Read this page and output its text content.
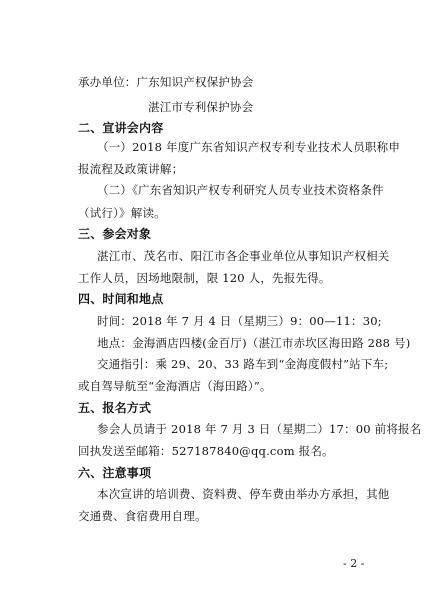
承办单位：广东知识产权保护协会

湛江市专利保护协会

二、宣讲会内容

（一）2018 年度广东省知识产权专利专业技术人员职称申

报流程及政策讲解；

（二）《广东省知识产权专利研究人员专业技术资格条件

（试行）》解读。

三、参会对象

湛江市、茂名市、阳江市各企事业单位从事知识产权相关

工作人员，因场地限制，限 120 人，先报先得。

四、时间和地点

时间：2018 年 7 月 4 日（星期三）9：00—11：30;

地点：金海酒店四楼(金百厅)（湛江市赤坎区海田路 288 号)

交通指引：乘 29、20、33 路车到“金海度假村”站下车;

或自驾导航至“金海酒店（海田路）”。

五、报名方式

参会人员请于 2018 年 7 月 3 日（星期二）17：00 前将报名

回执发送至邮箱：527187840@qq.com 报名。

六、注意事项

本次宣讲的培训费、资料费、停车费由举办方承担，其他

交通费、食宿费用自理。

- 2 -
